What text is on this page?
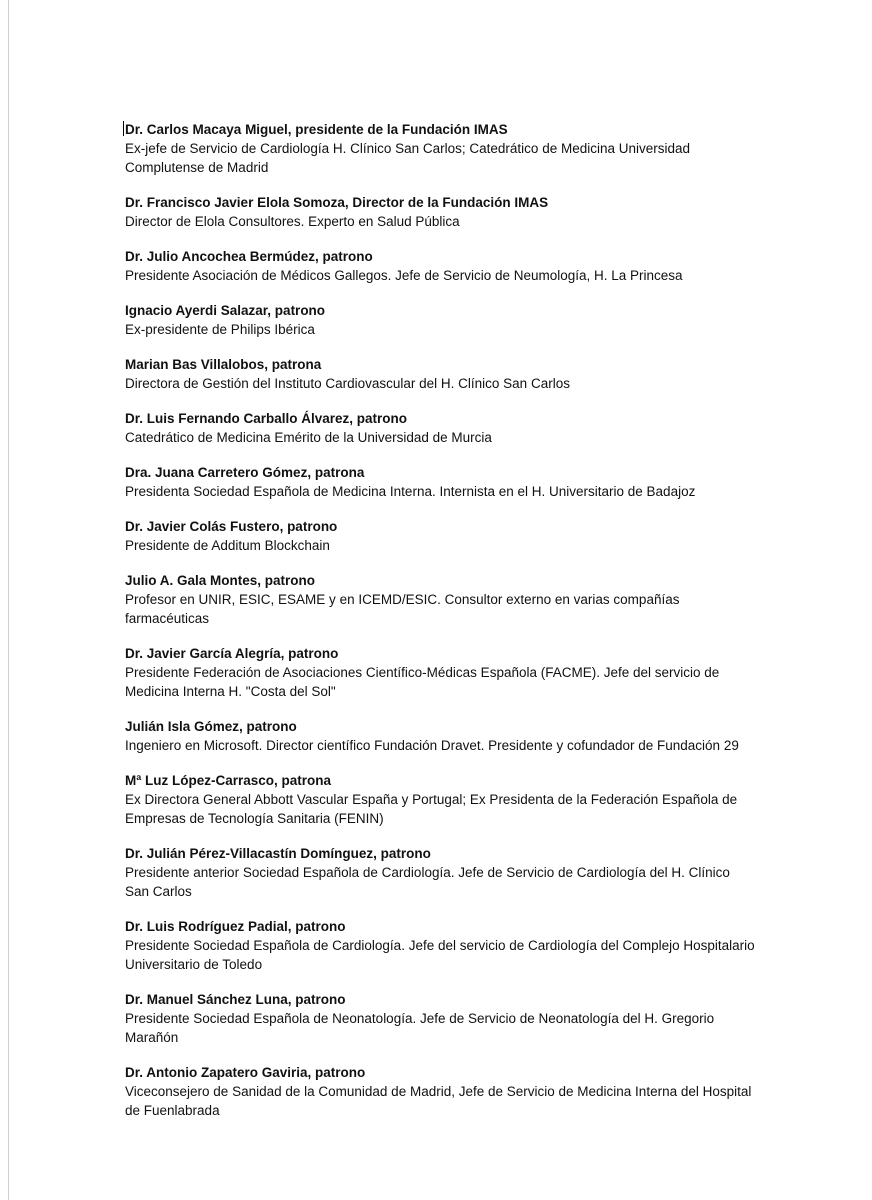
Dr. Carlos Macaya Miguel, presidente de la Fundación IMAS
Ex-jefe de Servicio de Cardiología H. Clínico San Carlos; Catedrático de Medicina Universidad Complutense de Madrid
Dr. Francisco Javier Elola Somoza, Director de la Fundación IMAS
Director de Elola Consultores. Experto en Salud Pública
Dr. Julio Ancochea Bermúdez, patrono
Presidente Asociación de Médicos Gallegos. Jefe de Servicio de Neumología, H. La Princesa
Ignacio Ayerdi Salazar, patrono
Ex-presidente de Philips Ibérica
Marian Bas Villalobos, patrona
Directora de Gestión del Instituto Cardiovascular del H. Clínico San Carlos
Dr. Luis Fernando Carballo Álvarez, patrono
Catedrático de Medicina Emérito de la Universidad de Murcia
Dra. Juana Carretero Gómez, patrona
Presidenta Sociedad Española de Medicina Interna. Internista en el H. Universitario de Badajoz
Dr. Javier Colás Fustero, patrono
Presidente de Additum Blockchain
Julio A. Gala Montes, patrono
Profesor en UNIR, ESIC, ESAME y en ICEMD/ESIC. Consultor externo en varias compañías farmacéuticas
Dr. Javier García Alegría, patrono
Presidente Federación de Asociaciones Científico-Médicas Española (FACME). Jefe del servicio de Medicina Interna H. "Costa del Sol"
Julián Isla Gómez, patrono
Ingeniero en Microsoft. Director científico Fundación Dravet. Presidente y cofundador de Fundación 29
Mª Luz López-Carrasco, patrona
Ex Directora General Abbott Vascular España y Portugal; Ex Presidenta de la Federación Española de Empresas de Tecnología Sanitaria (FENIN)
Dr. Julián Pérez-Villacastín Domínguez, patrono
Presidente anterior Sociedad Española de Cardiología. Jefe de Servicio de Cardiología del H. Clínico San Carlos
Dr. Luis Rodríguez Padial, patrono
Presidente Sociedad Española de Cardiología. Jefe del servicio de Cardiología del Complejo Hospitalario Universitario de Toledo
Dr. Manuel Sánchez Luna, patrono
Presidente Sociedad Española de Neonatología. Jefe de Servicio de Neonatología del H. Gregorio Marañón
Dr. Antonio Zapatero Gaviria, patrono
Viceconsejero de Sanidad de la Comunidad de Madrid, Jefe de Servicio de Medicina Interna del Hospital de Fuenlabrada
